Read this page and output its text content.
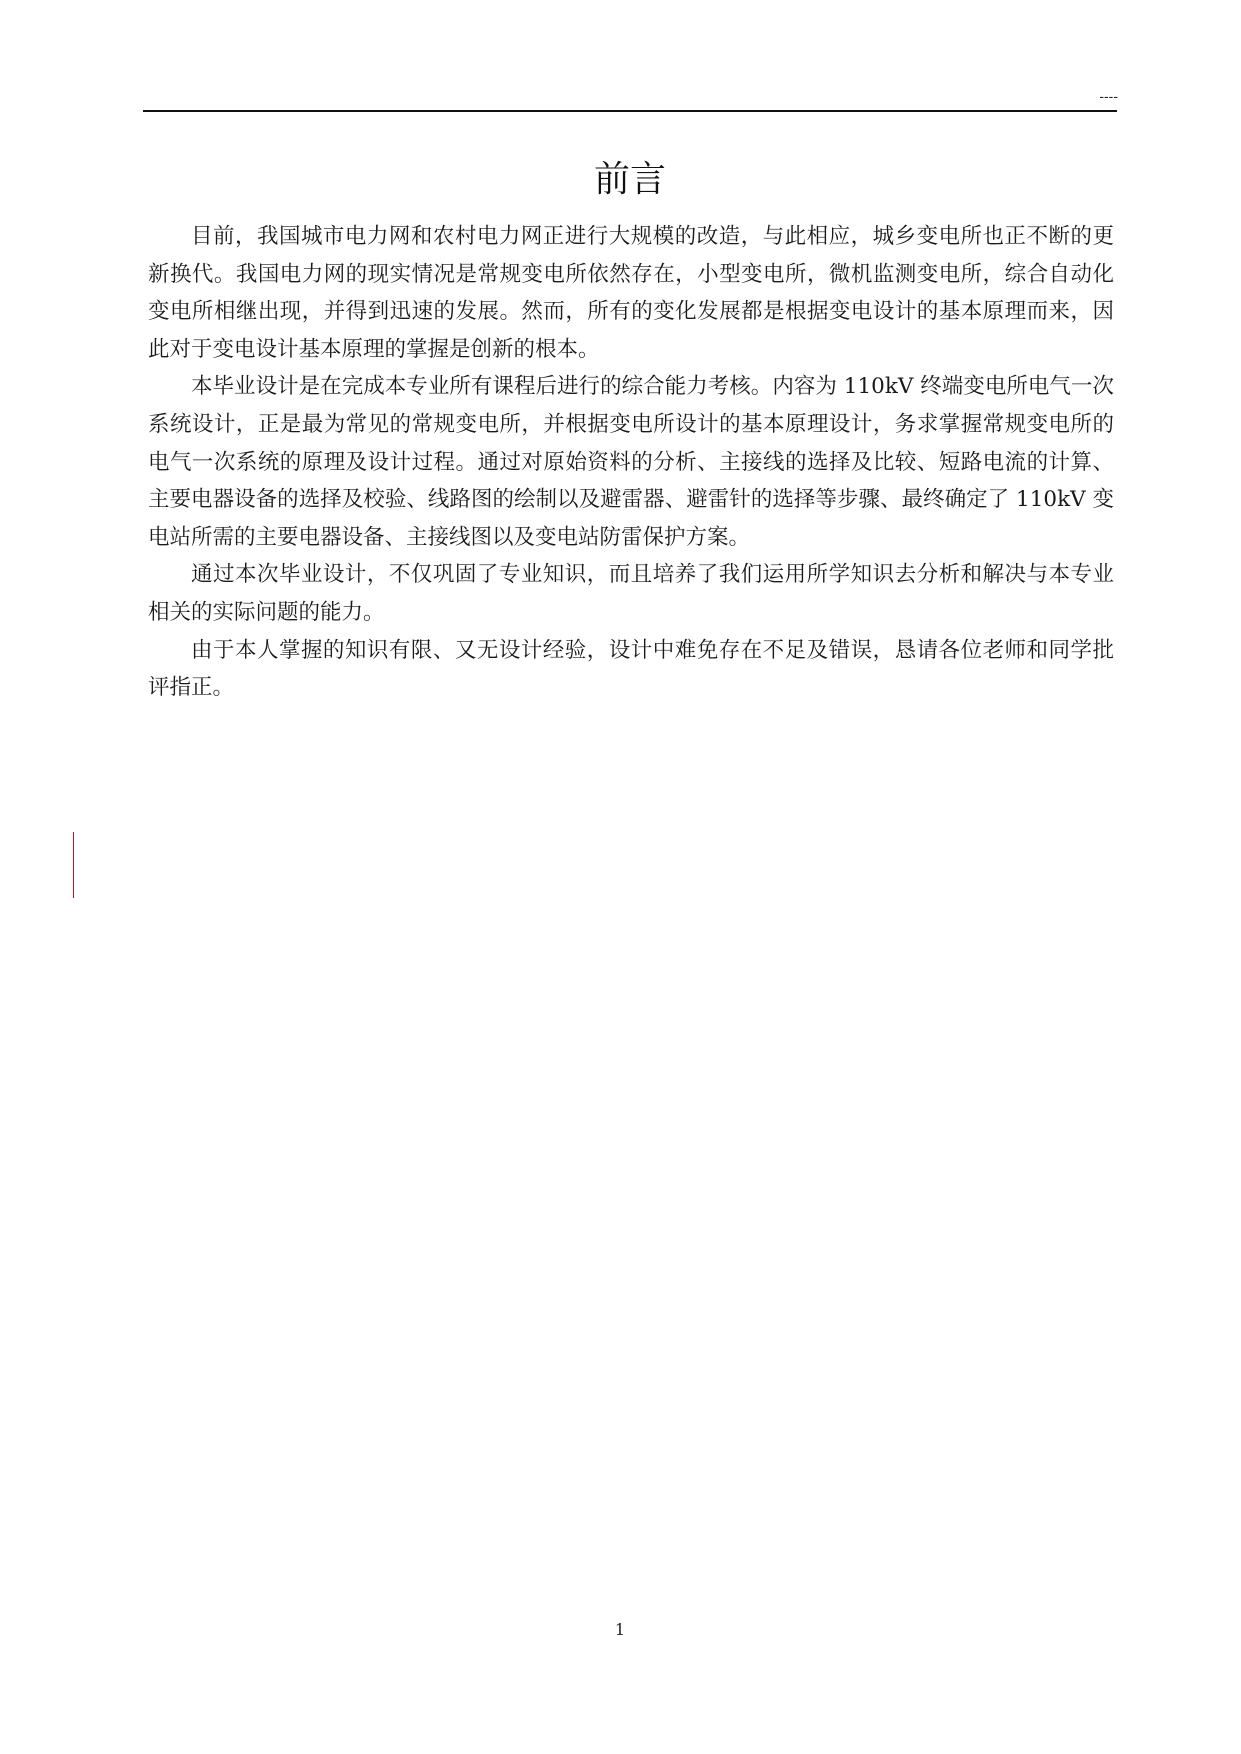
----
前言

目前，我国城市电力网和农村电力网正进行大规模的改造，与此相应，城乡变电所也正不断的更新换代。我国电力网的现实情况是常规变电所依然存在，小型变电所，微机监测变电所，综合自动化变电所相继出现，并得到迅速的发展。然而，所有的变化发展都是根据变电设计的基本原理而来，因此对于变电设计基本原理的掌握是创新的根本。

本毕业设计是在完成本专业所有课程后进行的综合能力考核。内容为 110kV 终端变电所电气一次系统设计，正是最为常见的常规变电所，并根据变电所设计的基本原理设计，务求掌握常规变电所的电气一次系统的原理及设计过程。通过对原始资料的分析、主接线的选择及比较、短路电流的计算、主要电器设备的选择及校验、线路图的绘制以及避雷器、避雷针的选择等步骤、最终确定了 110kV 变电站所需的主要电器设备、主接线图以及变电站防雷保护方案。

通过本次毕业设计，不仅巩固了专业知识，而且培养了我们运用所学知识去分析和解决与本专业相关的实际问题的能力。

由于本人掌握的知识有限、又无设计经验，设计中难免存在不足及错误，恳请各位老师和同学批评指正。

1
